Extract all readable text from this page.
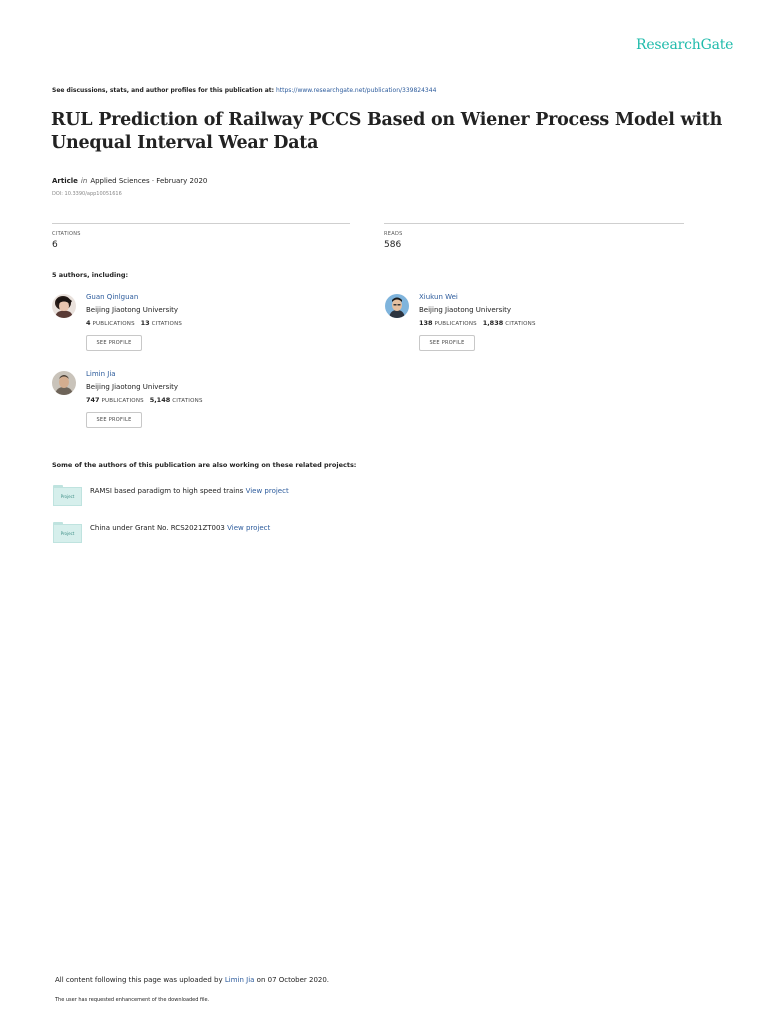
ResearchGate
See discussions, stats, and author profiles for this publication at: https://www.researchgate.net/publication/339824344
RUL Prediction of Railway PCCS Based on Wiener Process Model with Unequal Interval Wear Data
Article in Applied Sciences · February 2020
DOI: 10.3390/app10051616
CITATIONS
6
READS
586
5 authors, including:
Guan Qinlguan
Beijing Jiaotong University
4 PUBLICATIONS 13 CITATIONS
SEE PROFILE
Xiukun Wei
Beijing Jiaotong University
138 PUBLICATIONS 1,838 CITATIONS
SEE PROFILE
Limin Jia
Beijing Jiaotong University
747 PUBLICATIONS 5,148 CITATIONS
SEE PROFILE
Some of the authors of this publication are also working on these related projects:
Project
RAMSI based paradigm to high speed trains View project
Project
China under Grant No. RCS2021ZT003 View project
All content following this page was uploaded by Limin Jia on 07 October 2020.
The user has requested enhancement of the downloaded file.
